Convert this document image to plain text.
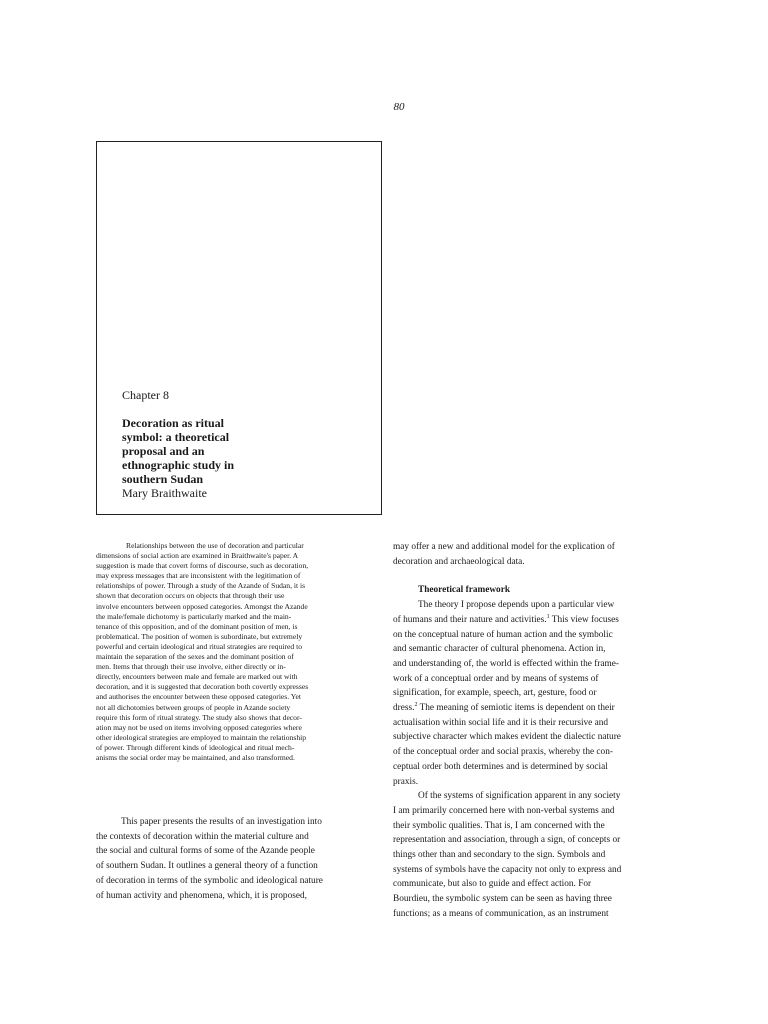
80
Chapter 8
Decoration as ritual
symbol: a theoretical
proposal and an
ethnographic study in
southern Sudan
Mary Braithwaite
Relationships between the use of decoration and particular
dimensions of social action are examined in Braithwaite's paper. A
suggestion is made that covert forms of discourse, such as decoration,
may express messages that are inconsistent with the legitimation of
relationships of power. Through a study of the Azande of Sudan, it is
shown that decoration occurs on objects that through their use
involve encounters between opposed categories. Amongst the Azande
the male/female dichotomy is particularly marked and the main-
tenance of this opposition, and of the dominant position of men, is
problematical. The position of women is subordinate, but extremely
powerful and certain ideological and ritual strategies are required to
maintain the separation of the sexes and the dominant position of
men. Items that through their use involve, either directly or in-
directly, encounters between male and female are marked out with
decoration, and it is suggested that decoration both covertly expresses
and authorises the encounter between these opposed categories. Yet
not all dichotomies between groups of people in Azande society
require this form of ritual strategy. The study also shows that decor-
ation may not be used on items involving opposed categories where
other ideological strategies are employed to maintain the relationship
of power. Through different kinds of ideological and ritual mech-
anisms the social order may be maintained, and also transformed.
This paper presents the results of an investigation into
the contexts of decoration within the material culture and
the social and cultural forms of some of the Azande people
of southern Sudan. It outlines a general theory of a function
of decoration in terms of the symbolic and ideological nature
of human activity and phenomena, which, it is proposed,
may offer a new and additional model for the explication of
decoration and archaeological data.
Theoretical framework
The theory I propose depends upon a particular view
of humans and their nature and activities.$^1$ This view focuses
on the conceptual nature of human action and the symbolic
and semantic character of cultural phenomena. Action in,
and understanding of, the world is effected within the frame-
work of a conceptual order and by means of systems of
signification, for example, speech, art, gesture, food or
dress.$^2$ The meaning of semiotic items is dependent on their
actualisation within social life and it is their recursive and
subjective character which makes evident the dialectic nature
of the conceptual order and social praxis, whereby the con-
ceptual order both determines and is determined by social
praxis.
Of the systems of signification apparent in any society
I am primarily concerned here with non-verbal systems and
their symbolic qualities. That is, I am concerned with the
representation and association, through a sign, of concepts or
things other than and secondary to the sign. Symbols and
systems of symbols have the capacity not only to express and
communicate, but also to guide and effect action. For
Bourdieu, the symbolic system can be seen as having three
functions; as a means of communication, as an instrument
